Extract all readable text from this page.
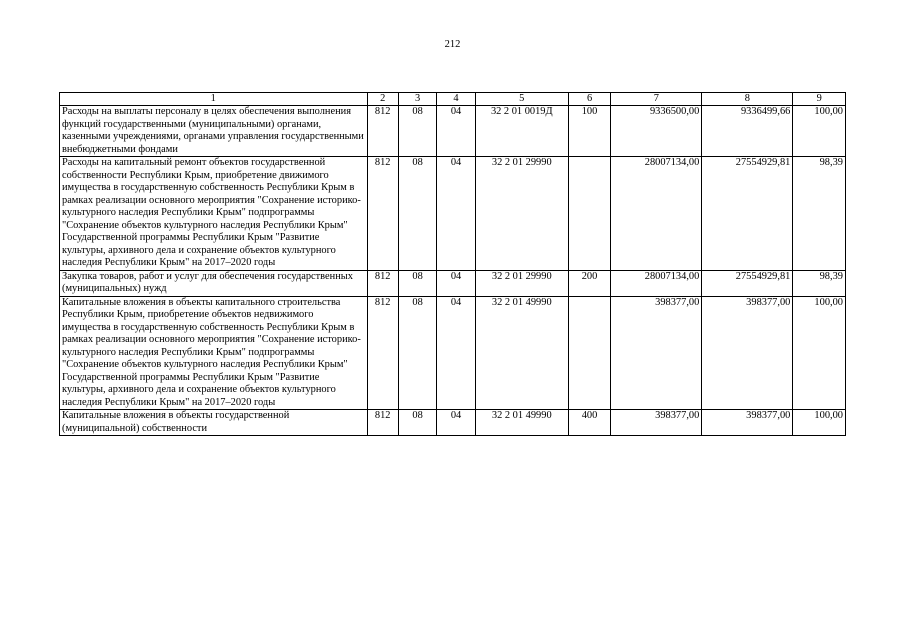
212
1	2	3	4	5	6	7	8	9
Расходы на выплаты персоналу в целях обеспечения выполнения функций государственными (муниципальными) органами, казенными учреждениями, органами управления государственными внебюджетными фондами	812	08	04	32 2 01 0019Д	100	9336500,00	9336499,66	100,00
Расходы на капитальный ремонт объектов государственной собственности Республики Крым, приобретение движимого имущества в государственную собственность Республики Крым в рамках реализации основного мероприятия "Сохранение историко-культурного наследия Республики Крым" подпрограммы "Сохранение объектов культурного наследия Республики Крым" Государственной программы Республики Крым "Развитие культуры, архивного дела и сохранение объектов культурного наследия Республики Крым" на 2017–2020 годы	812	08	04	32 2 01 29990		28007134,00	27554929,81	98,39
Закупка товаров, работ и услуг для обеспечения государственных (муниципальных) нужд	812	08	04	32 2 01 29990	200	28007134,00	27554929,81	98,39
Капитальные вложения в объекты капитального строительства Республики Крым, приобретение объектов недвижимого имущества в государственную собственность Республики Крым в рамках реализации основного мероприятия "Сохранение историко-культурного наследия Республики Крым" подпрограммы "Сохранение объектов культурного наследия Республики Крым" Государственной программы Республики Крым "Развитие культуры, архивного дела и сохранение объектов культурного наследия Республики Крым" на 2017–2020 годы	812	08	04	32 2 01 49990		398377,00	398377,00	100,00
Капитальные вложения в объекты государственной (муниципальной) собственности	812	08	04	32 2 01 49990	400	398377,00	398377,00	100,00
